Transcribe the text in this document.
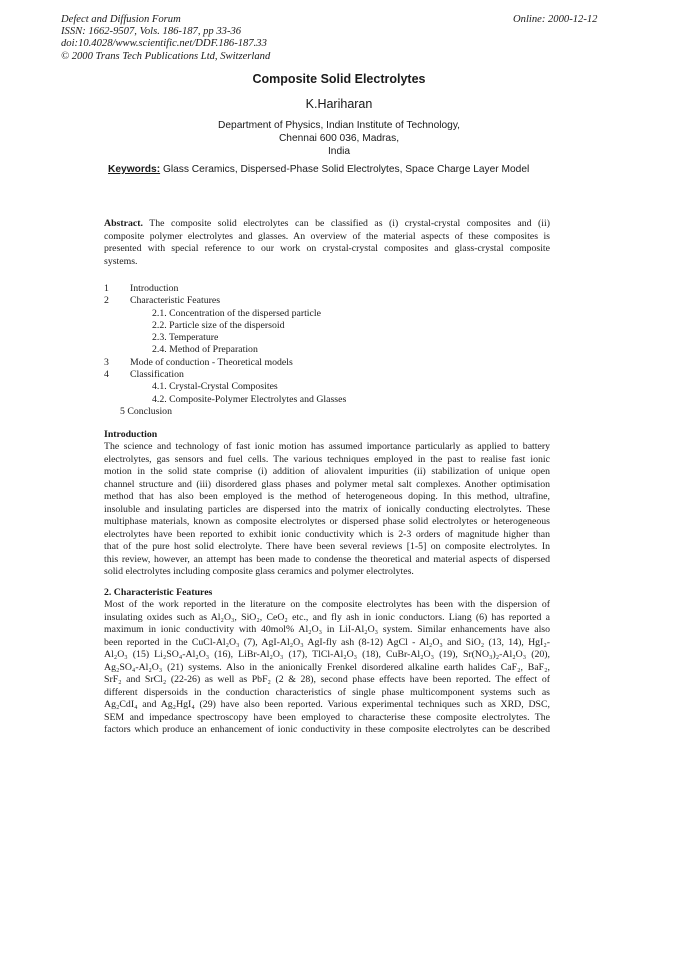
Defect and Diffusion Forum
ISSN: 1662-9507, Vols. 186-187, pp 33-36
doi:10.4028/www.scientific.net/DDF.186-187.33
© 2000 Trans Tech Publications Ltd, Switzerland
Online: 2000-12-12
Composite Solid Electrolytes
K.Hariharan
Department of Physics, Indian Institute of Technology,
Chennai 600 036, Madras,
India
Keywords: Glass Ceramics, Dispersed-Phase Solid Electrolytes, Space Charge Layer Model
Abstract. The composite solid electrolytes can be classified as (i) crystal-crystal composites and (ii)
composite polymer electrolytes and glasses. An overview of the material aspects of these composites is
presented with special reference to our work on crystal-crystal composites and glass-crystal composite
systems.
1 Introduction
2 Characteristic Features
2.1. Concentration of the dispersed particle
2.2. Particle size of the dispersoid
2.3. Temperature
2.4. Method of Preparation
3 Mode of conduction - Theoretical models
4 Classification
4.1. Crystal-Crystal Composites
4.2. Composite-Polymer Electrolytes and Glasses
5 Conclusion
Introduction
The science and technology of fast ionic motion has assumed importance particularly as applied to battery
electrolytes, gas sensors and fuel cells. The various techniques employed in the past to realise fast ionic
motion in the solid state comprise (i) addition of aliovalent impurities (ii) stabilization of unique open
channel structure and (iii) disordered glass phases and polymer metal salt complexes. Another optimisation
method that has also been employed is the method of heterogeneous doping. In this method, ultrafine,
insoluble and insulating particles are dispersed into the matrix of ionically conducting electrolytes. These
multiphase materials, known as composite electrolytes or dispersed phase solid electrolytes or heterogeneous
electrolytes have been reported to exhibit ionic conductivity which is 2-3 orders of magnitude higher than
that of the pure host solid electrolyte. There have been several reviews [1-5] on composite electrolytes. In
this review, however, an attempt has been made to condense the theoretical and material aspects of dispersed
solid electrolytes including composite glass ceramics and polymer electrolytes.
2. Characteristic Features
Most of the work reported in the literature on the composite electrolytes has been with the dispersion of
insulating oxides such as Al₂O₃, SiO₂, CeO₂ etc., and fly ash in ionic conductors. Liang (6) has reported a
maximum in ionic conductivity with 40mol% Al₂O₃ in LiI-Al₂O₃ system. Similar enhancements have also
been reported in the CuCl-Al₂O₃ (7), AgI-Al₂O₃ AgI-fly ash (8-12) AgCl - Al₂O₃ and SiO₂ (13, 14), HgI₂-
Al₂O₃ (15) Li₂SO₄-Al₂O₃ (16), LiBr-Al₂O₃ (17), TlCl-Al₂O₃ (18), CuBr-Al₂O₃ (19), Sr(NO₃)₂-Al₂O₃ (20),
Ag₂SO₄-Al₂O₃ (21) systems. Also in the anionically Frenkel disordered alkaline earth halides CaF₂, BaF₂,
SrF₂ and SrCl₂ (22-26) as well as PbF₂ (2 & 28), second phase effects have been reported. The effect of
different dispersoids in the conduction characteristics of single phase multicomponent systems such as
Ag₂CdI₄ and Ag₂HgI₄ (29) have also been reported. Various experimental techniques such as XRD, DSC,
SEM and impedance spectroscopy have been employed to characterise these composite electrolytes. The
factors which produce an enhancement of ionic conductivity in these composite electrolytes can be described
